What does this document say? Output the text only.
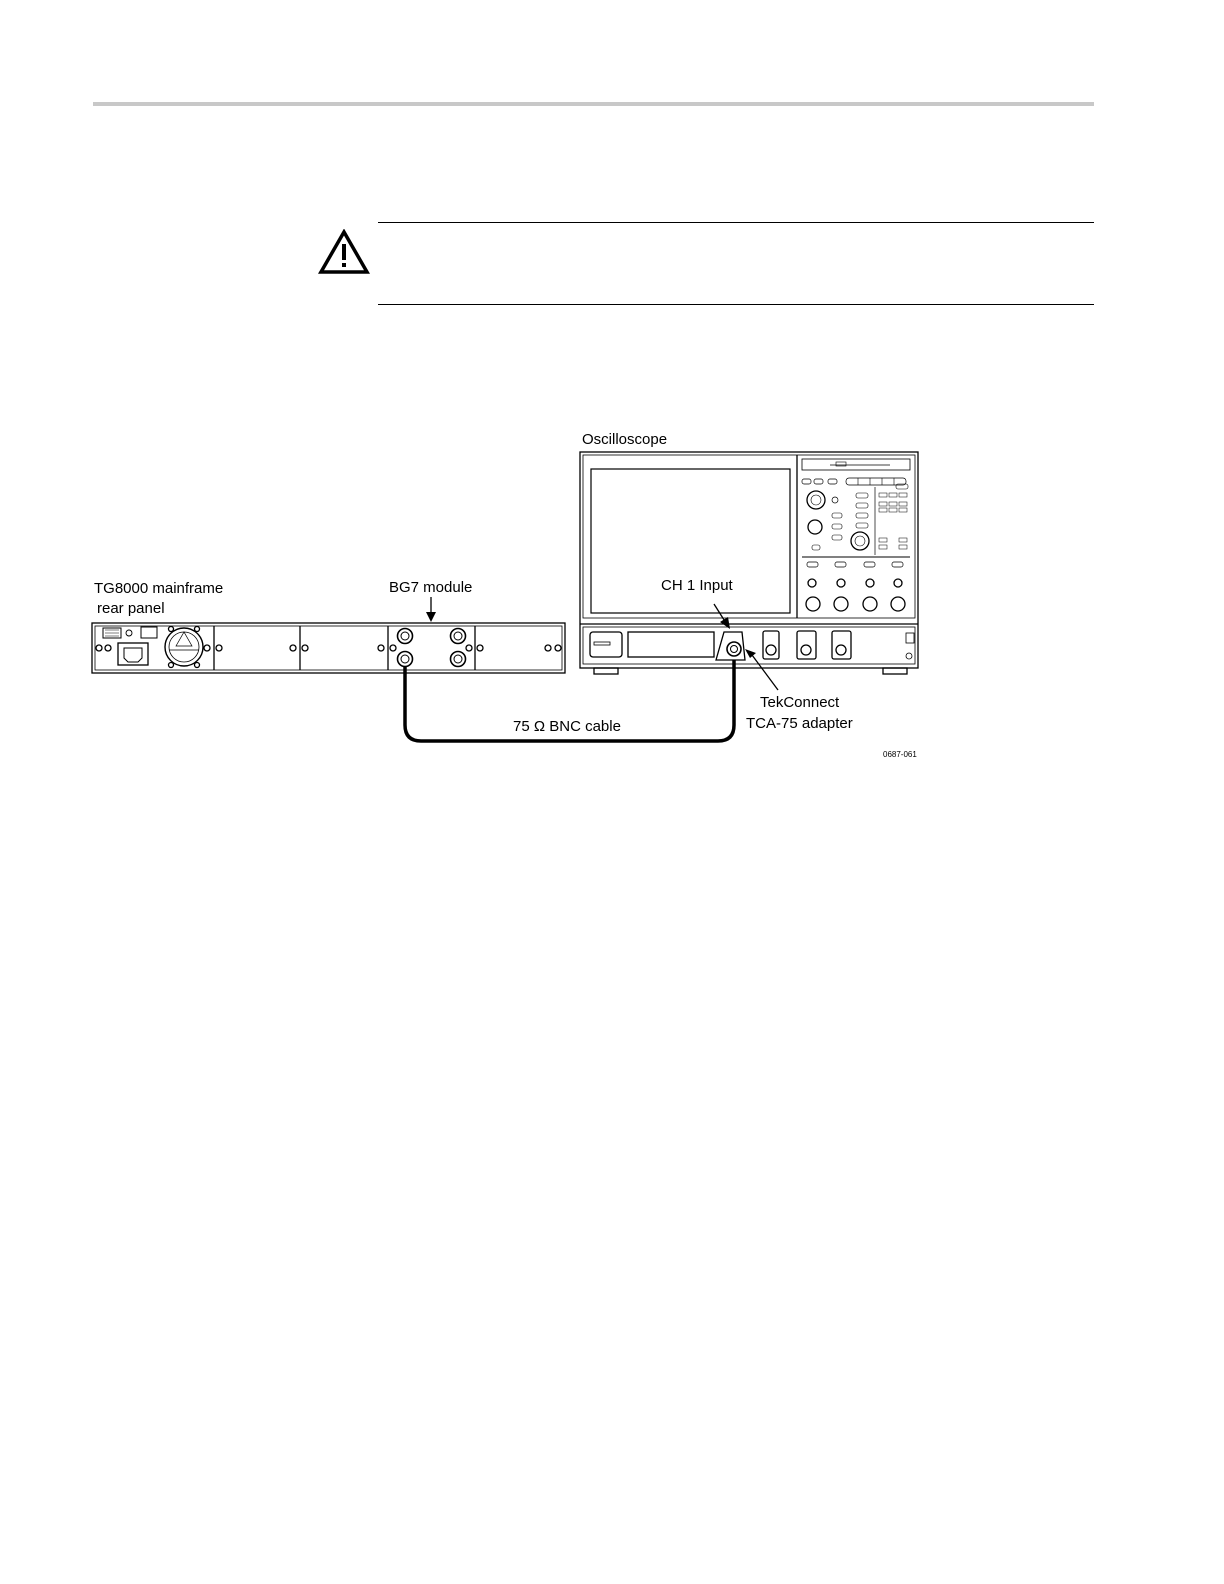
Oscilloscope
TG8000 mainframe
rear panel
BG7 module	CH 1 Input
75 Ω BNC cable
TekConnect
TCA-75 adapter
0687-061
